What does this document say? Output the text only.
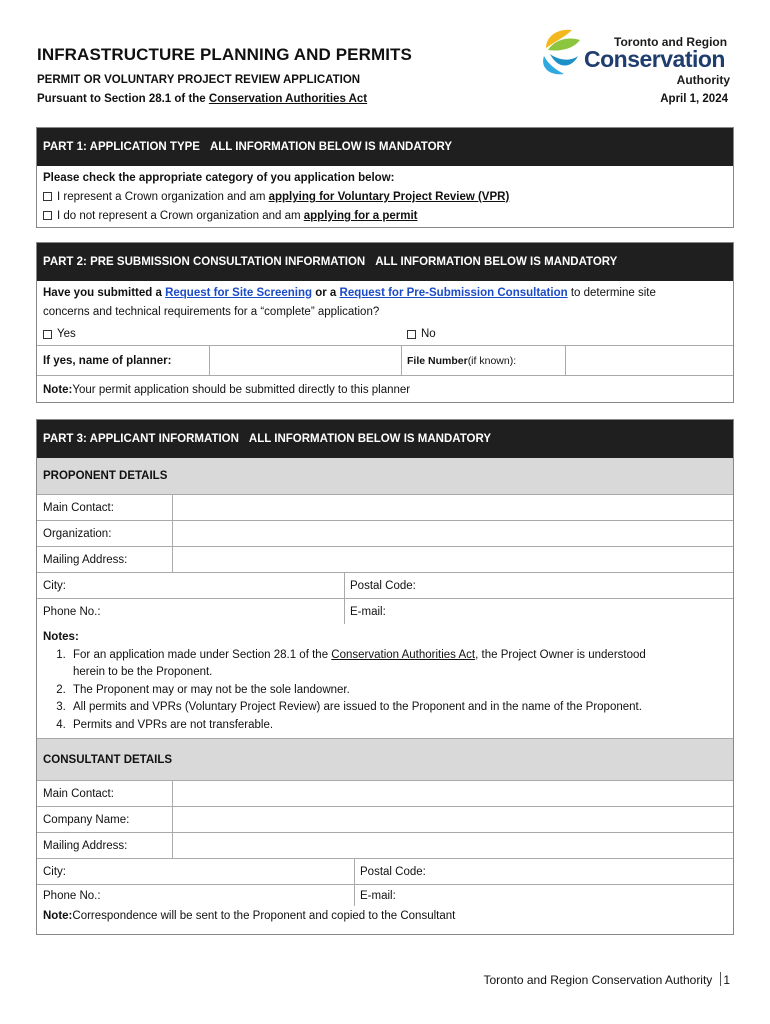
INFRASTRUCTURE PLANNING AND PERMITS
PERMIT OR VOLUNTARY PROJECT REVIEW APPLICATION
Pursuant to Section 28.1 of the Conservation Authorities Act
Toronto and Region
Conservation
Authority
April 1, 2024
PART 1: APPLICATION TYPE ALL INFORMATION BELOW IS MANDATORY
Please check the appropriate category of you application below:
I represent a Crown organization and am applying for Voluntary Project Review (VPR)
I do not represent a Crown organization and am applying for a permit
PART 2: PRE SUBMISSION CONSULTATION INFORMATION ALL INFORMATION BELOW IS MANDATORY
Have you submitted a Request for Site Screening or a Request for Pre-Submission Consultation to determine site
concerns and technical requirements for a “complete” application?
Yes	No
If yes, name of planner:	File Number (if known):
Note: Your permit application should be submitted directly to this planner
PART 3: APPLICANT INFORMATION ALL INFORMATION BELOW IS MANDATORY
PROPONENT DETAILS
Main Contact:
Organization:
Mailing Address:
City:	Postal Code:
Phone No.:	E-mail:
Notes:
1. For an application made under Section 28.1 of the Conservation Authorities Act, the Project Owner is understood
herein to be the Proponent.
2. The Proponent may or may not be the sole landowner.
3. All permits and VPRs (Voluntary Project Review) are issued to the Proponent and in the name of the Proponent.
4. Permits and VPRs are not transferable.
CONSULTANT DETAILS
Main Contact:
Company Name:
Mailing Address:
City:	Postal Code:
Phone No.:	E-mail:
Note: Correspondence will be sent to the Proponent and copied to the Consultant
Toronto and Region Conservation Authority 1
